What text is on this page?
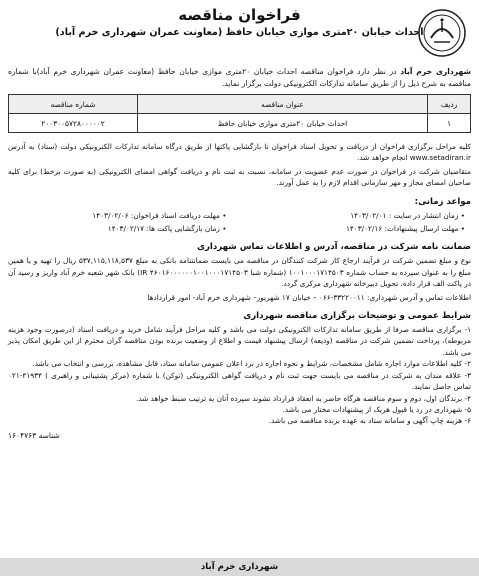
فراخوان مناقصه
احداث خیابان ۲۰متری موازی خیابان حافظ (معاونت عمران شهرداری خرم آباد)
شهرداری خرم آباد در نظر دارد فراخوان مناقصه احداث خیابان ۲۰متری موازی خیابان حافظ (معاونت عمران شهرداری خرم آباد)با شماره مناقصه به شرح ذیل را از طریق سامانه تدارکات الکترونیکی دولت برگزار نماید.
ردیف	عنوان مناقصه	شماره مناقصه
۱	احداث خیابان ۲۰متری موازی خیابان حافظ	۲۰۰۳۰۰۵۷۲۸۰۰۰۰۰۲

کلیه مراحل برگزاری فراخوان از دریافت و تحویل اسناد فراخوان تا بازگشایی پاکتها از طریق درگاه سامانه تدارکات الکترونیکی دولت (ستاد) به آدرس www.setadiran.ir انجام خواهد شد.

متقاضیان شرکت در فراخوان در صورت عدم عضویت در سامانه، نسبت به ثبت نام و دریافت گواهی امضای الکترونیکی (به صورت برخط) برای کلیه صاحبان امضای مجاز و مهر سازمانی اقدام لازم را به عمل آورند.

مواعد زمانی:
• زمان انتشار در سایت : ۱۴۰۳/۰۲/۰۱
• مهلت دریافت اسناد فراخوان: ۱۴۰۳/۰۲/۰۶
• مهلت ارسال پیشنهادات: ۱۴۰۳/۰۲/۱۶
• زمان بازگشایی پاکت ها: ۱۴۰۳/۰۲/۱۷
ضمانت نامه شرکت در مناقصه، آدرس و اطلاعات تماس شهرداری

نوع و مبلغ تضمین شرکت در فرآیند ارجاع کار شرکت کنندگان در مناقصه می بایست ضمانتنامه بانکی به مبلغ ۵۳۷,۱۱۵,۱۱۸,۵۳۷ ریال را تهیه و یا همین مبلغ را به عنوان سپرده به حساب شماره ۱۰۰۱۰۰۰۱۷۱۴۵۰۳ (شماره شبا IR ۴۶۰۱۶۰۰۰۰۰۰۱۰۰۱۰۰۰۱۷۱۴۵۰۳) بانک شهر شعبه خرم آباد واریز و رسید آن در پاکت الف قرار داده، تحویل دبیرخانه شهرداری مرکزی گردد.

اطلاعات تماس و آدرس شهرداری: ۳۳۲۲۰۰۱۱-۰۶۶ – خیابان ۱۷ شهریور– شهرداری خرم آباد- امور قراردادها

شرایط عمومی و توضیحات برگزاری مناقصه شهرداری

۱- برگزاری مناقصه صرفا از طریق سامانه تدارکات الکترونیکی دولت می باشد و کلیه مراحل فرآیند شامل خرید و دریافت اسناد (درصورت وجود هزینه مربوطه)، پرداخت تضمین شرکت در مناقصه (ودیعه) ارسال پیشنهاد قیمت و اطلاع از وضعیت برنده بودن مناقصه گران محترم از این طریق امکان پذیر می باشد.

۲- کلیه اطلاعات موارد اجاره شامل مشخصات، شرایط و نحوه اجاره در برد اعلان عمومی سامانه ستاد، قابل مشاهده، بررسی و انتخاب می باشد.

۳- علاقه مندان به شرکت در مناقصه می بایست جهت ثبت نام و دریافت گواهی الکترونیکی (توکن) با شماره (مرکز پشتیبانی و راهبری ) ۴۱۹۳۴-۰۲۱ تماس حاصل نمایند.

۴- برندگان اول، دوم و سوم مناقصه هرگاه حاضر به انعقاد قرارداد نشوند سپرده آنان به ترتیب ضبط خواهد شد.

۵- شهرداری در رد یا قبول هریک از پیشنهادات مختار می باشد.

۶- هزینه چاپ آگهی و سامانه ستاد به عهده برنده مناقصه می باشد.

شناسه ۱۶۰۴۷۶۳
شهرداری خرم آباد
